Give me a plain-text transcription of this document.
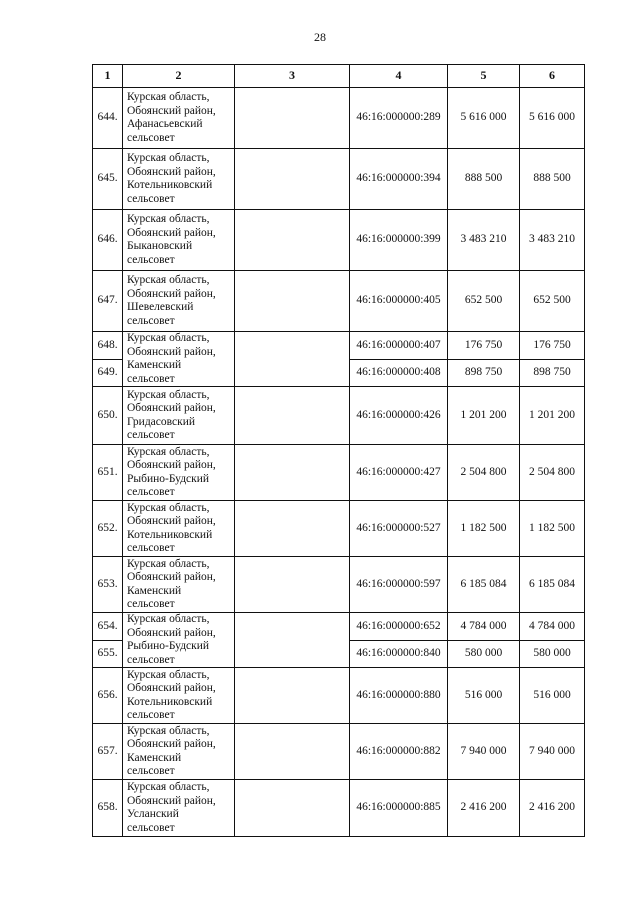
28
1	2	3	4	5	6
644.	Курская область,
Обоянский район,
Афанасьевский
сельсовет		46:16:000000:289	5 616 000	5 616 000
645.	Курская область,
Обоянский район,
Котельниковский
сельсовет		46:16:000000:394	888 500	888 500
646.	Курская область,
Обоянский район,
Быкановский
сельсовет		46:16:000000:399	3 483 210	3 483 210
647.	Курская область,
Обоянский район,
Шевелевский
сельсовет		46:16:000000:405	652 500	652 500
648.	Курская область,
Обоянский район,
Каменский
сельсовет		46:16:000000:407	176 750	176 750
649.			46:16:000000:408	898 750	898 750
650.	Курская область,
Обоянский район,
Гридасовский
сельсовет		46:16:000000:426	1 201 200	1 201 200
651.	Курская область,
Обоянский район,
Рыбино-Будский
сельсовет		46:16:000000:427	2 504 800	2 504 800
652.	Курская область,
Обоянский район,
Котельниковский
сельсовет		46:16:000000:527	1 182 500	1 182 500
653.	Курская область,
Обоянский район,
Каменский
сельсовет		46:16:000000:597	6 185 084	6 185 084
654.	Курская область,
Обоянский район,
Рыбино-Будский
сельсовет		46:16:000000:652	4 784 000	4 784 000
655.			46:16:000000:840	580 000	580 000
656.	Курская область,
Обоянский район,
Котельниковский
сельсовет		46:16:000000:880	516 000	516 000
657.	Курская область,
Обоянский район,
Каменский
сельсовет		46:16:000000:882	7 940 000	7 940 000
658.	Курская область,
Обоянский район,
Усланский
сельсовет		46:16:000000:885	2 416 200	2 416 200
